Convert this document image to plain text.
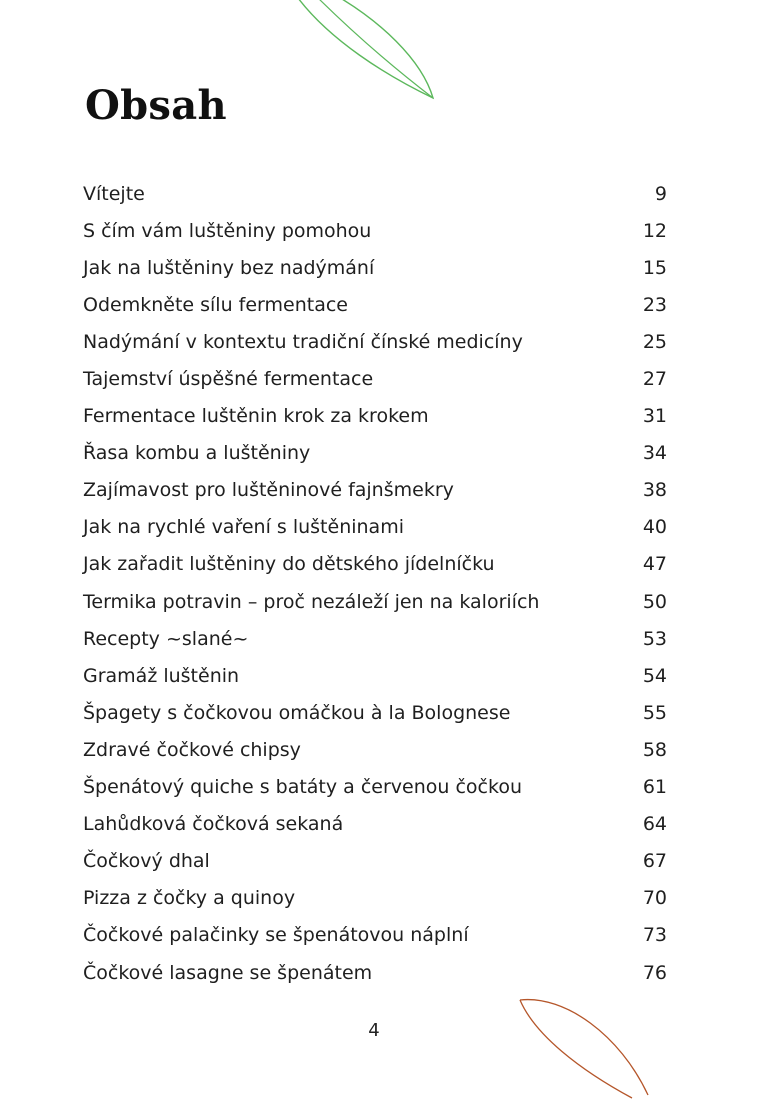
Obsah
Vítejte	9
S čím vám luštěniny pomohou	12
Jak na luštěniny bez nadýmání	15
Odemkněte sílu fermentace	23
Nadýmání v kontextu tradiční čínské medicíny	25
Tajemství úspěšné fermentace	27
Fermentace luštěnin krok za krokem	31
Řasa kombu a luštěniny	34
Zajímavost pro luštěninové fajnšmekry	38
Jak na rychlé vaření s luštěninami	40
Jak zařadit luštěniny do dětského jídelníčku	47
Termika potravin – proč nezáleží jen na kaloriích	50
Recepty ~slané~	53
Gramáž luštěnin	54
Špagety s čočkovou omáčkou à la Bolognese	55
Zdravé čočkové chipsy	58
Špenátový quiche s batáty a červenou čočkou	61
Lahůdková čočková sekaná	64
Čočkový dhal	67
Pizza z čočky a quinoy	70
Čočkové palačinky se špenátovou náplní	73
Čočkové lasagne se špenátem	76
4
